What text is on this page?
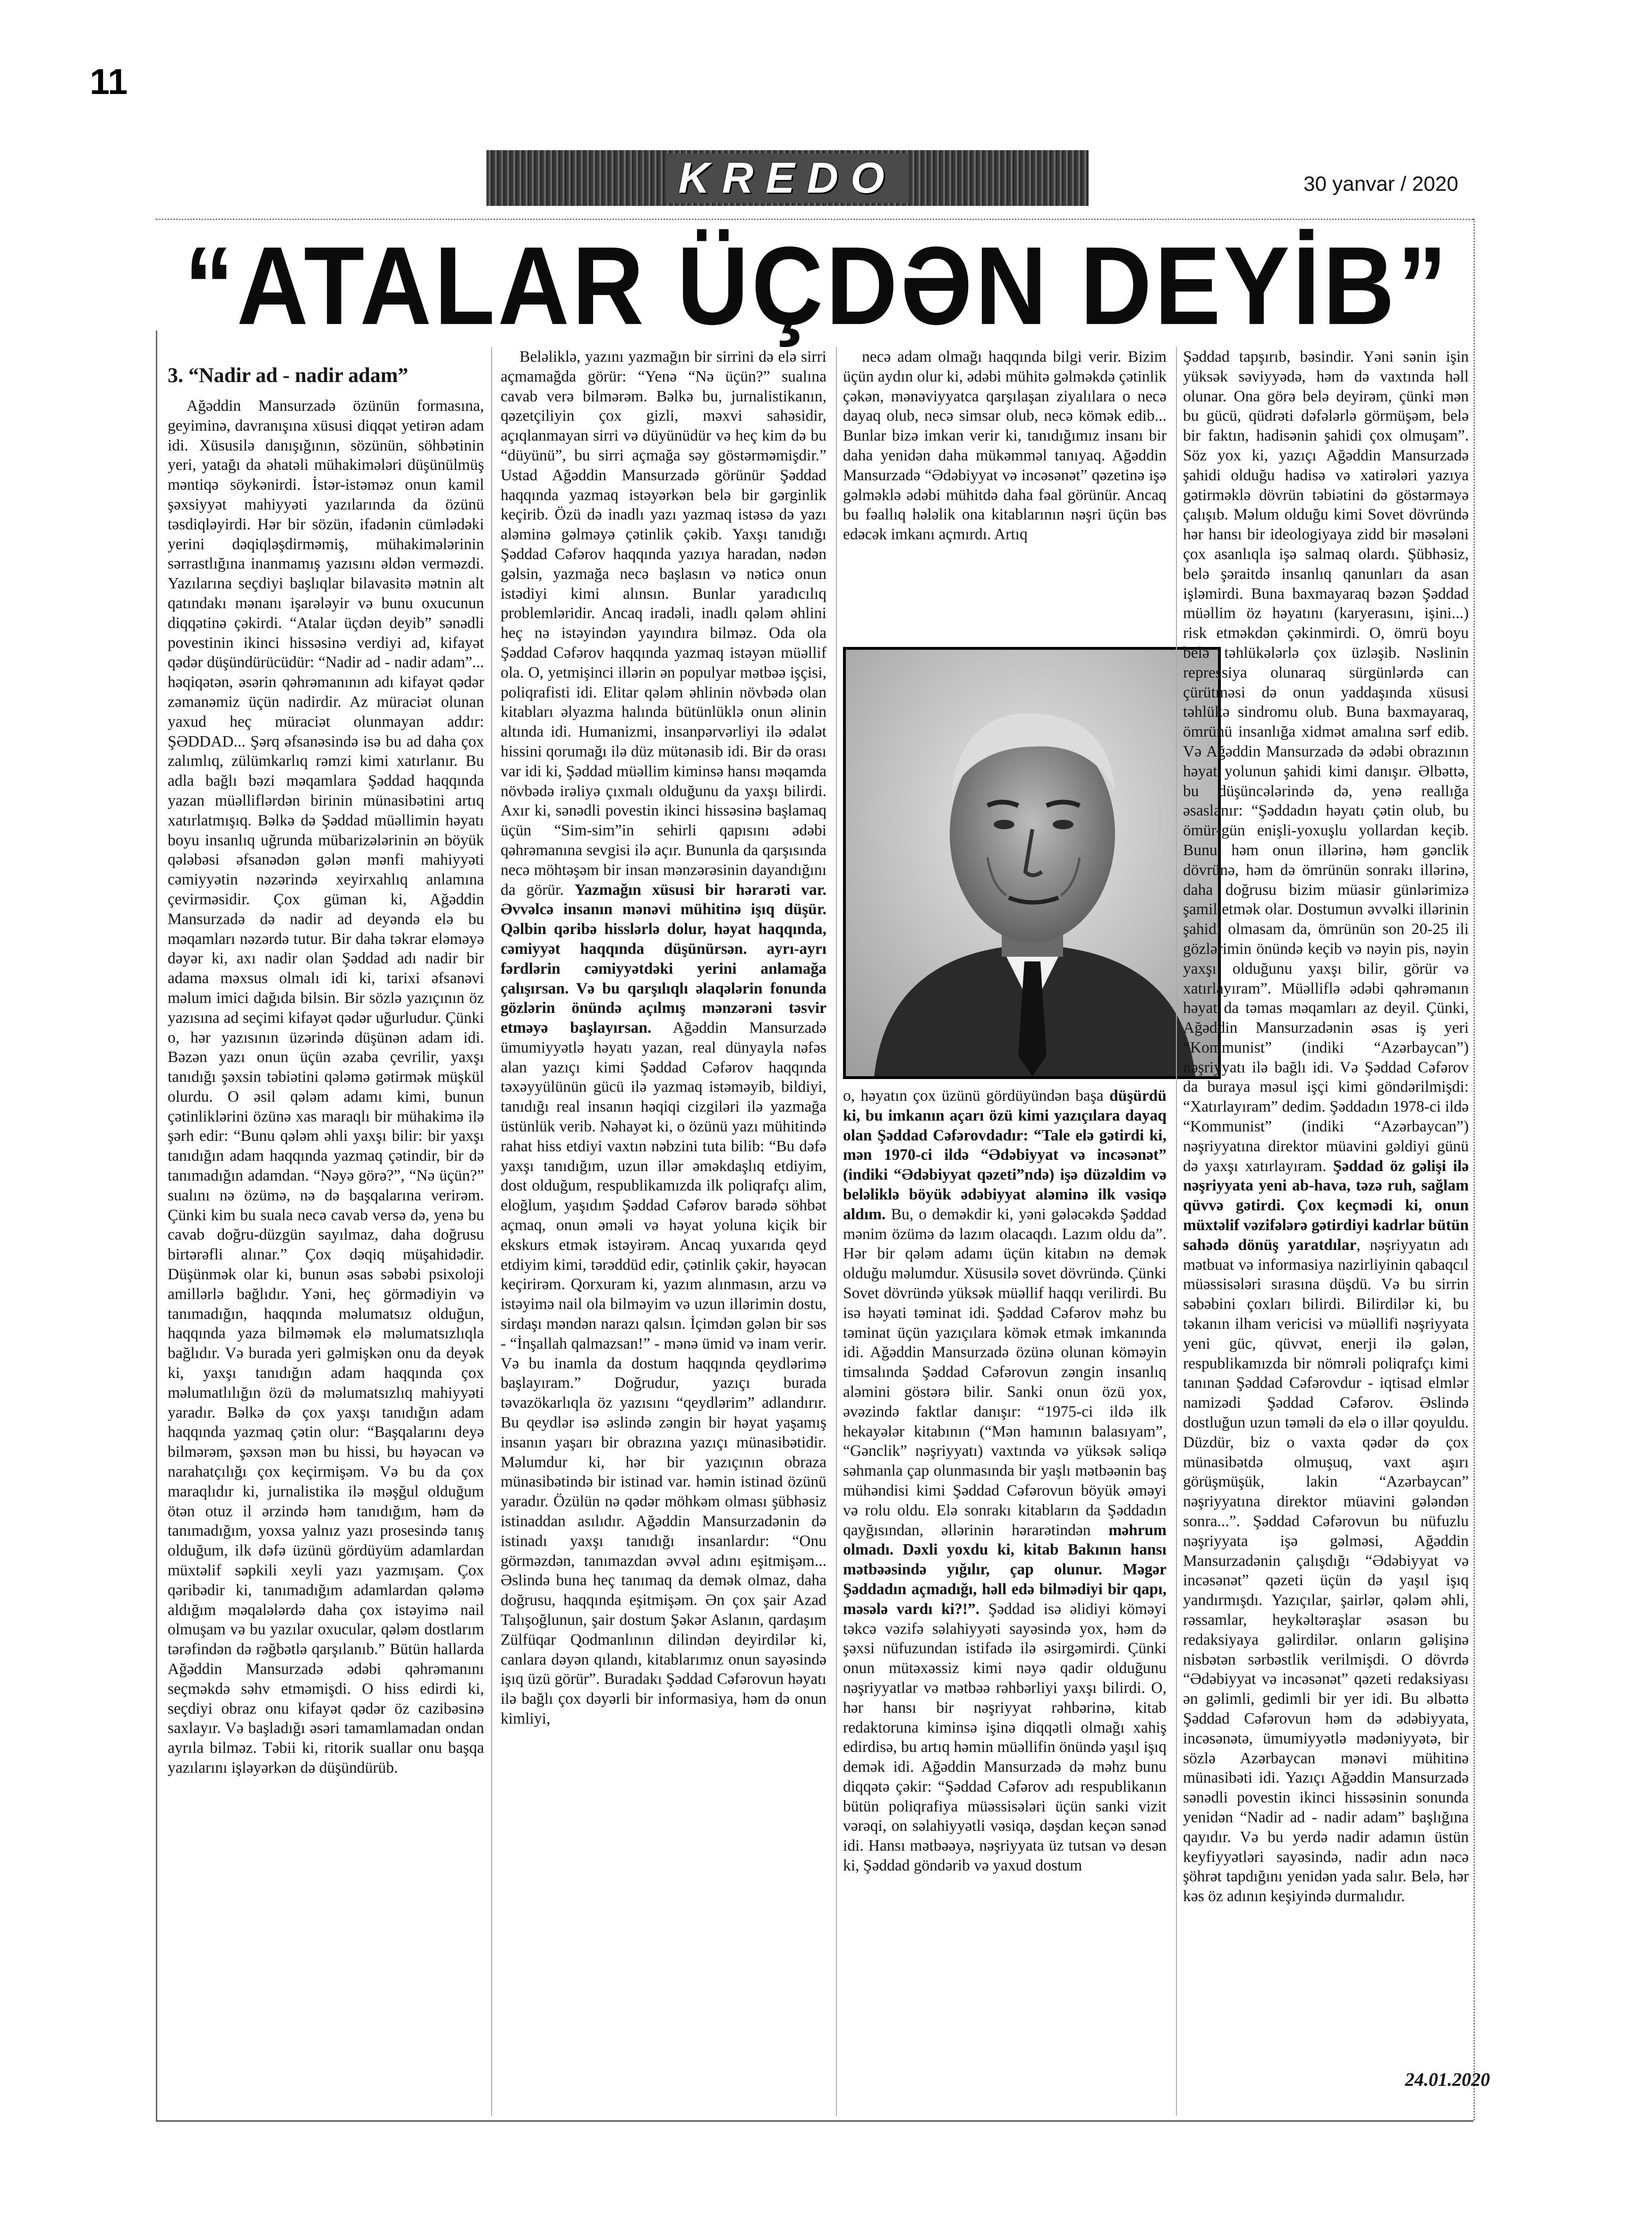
11
KREDO	30 yanvar / 2020
“ATALAR ÜÇDƏN DEYİB”
3. “Nadir ad - nadir adam”

Ağəddin Mansurzadə özünün formasına, geyiminə, davranışına xüsusi diqqət yetirən adam idi. Xüsusilə danışığının, sözünün, söhbətinin yeri, yatağı da əhatəli mühakimələri düşünülmüş məntiqə söykənirdi. İstər-istəməz onun kamil şəxsiyyət mahiyyəti yazılarında da özünü təsdiqləyirdi. Hər bir sözün, ifadənin cümlədəki yerini dəqiqləşdirməmiş, mühakimələrinin sərrastlığına inanmamış yazısını əldən verməzdi. Yazılarına seçdiyi başlıqlar bilavasitə mətnin alt qatındakı mənanı işarələyir və bunu oxucunun diqqətinə çəkirdi. “Atalar üçdən deyib” sənədli povestinin ikinci hissəsinə verdiyi ad, kifayət qədər düşündürücüdür: “Nadir ad - nadir adam”... həqiqətən, əsərin qəhrəmanının adı kifayət qədər zəmanəmiz üçün nadirdir. Az müraciət olunan yaxud heç müraciət olunmayan addır: ŞƏDDAD... Şərq əfsanəsində isə bu ad daha çox zalımlıq, zülümkarlıq rəmzi kimi xatırlanır. Bu adla bağlı bəzi məqamlara Şəddad haqqında yazan müəlliflərdən birinin münasibətini artıq xatırlatmışıq. Bəlkə də Şəddad müəllimin həyatı boyu insanlıq uğrunda mübarizələrinin ən böyük qələbəsi əfsanədən gələn mənfi mahiyyəti cəmiyyətin nəzərində xeyirxahlıq anlamına çevirməsidir. Çox güman ki, Ağəddin Mansurzadə də nadir ad deyəndə elə bu məqamları nəzərdə tutur. Bir daha təkrar eləməyə dəyər ki, axı nadir olan Şəddad adı nadir bir adama məxsus olmalı idi ki, tarixi əfsanəvi məlum imici dağıda bilsin. Bir sözlə yazıçının öz yazısına ad seçimi kifayət qədər uğurludur. Çünki o, hər yazısının üzərində düşünən adam idi. Bəzən yazı onun üçün əzaba çevrilir, yaxşı tanıdığı şəxsin təbiətini qələmə gətirmək müşkül olurdu. O əsil qələm adamı kimi, bunun çətinliklərini özünə xas maraqlı bir mühakimə ilə şərh edir: “Bunu qələm əhli yaxşı bilir: bir yaxşı tanıdığın adam haqqında yazmaq çətindir, bir də tanımadığın adamdan. “Nəyə görə?”, “Nə üçün?” sualını nə özümə, nə də başqalarına verirəm. Çünki kim bu suala necə cavab versə də, yenə bu cavab doğru-düzgün sayılmaz, daha doğrusu birtərəfli alınar.” Çox dəqiq müşahidədir. Düşünmək olar ki, bunun əsas səbəbi psixoloji amillərlə bağlıdır. Yəni, heç görmədiyin və tanımadığın, haqqında məlumatsız olduğun, haqqında yaza bilməmək elə məlumatsızlıqla bağlıdır. Və burada yeri gəlmişkən onu da deyək ki, yaxşı tanıdığın adam haqqında çox məlumatlılığın özü də məlumatsızlıq mahiyyəti yaradır. Bəlkə də çox yaxşı tanıdığın adam haqqında yazmaq çətin olur: “Başqalarını deyə bilmərəm, şəxsən mən bu hissi, bu həyəcan və narahatçılığı çox keçirmişəm. Və bu da çox maraqlıdır ki, jurnalistika ilə məşğul olduğum ötən otuz il ərzində həm tanıdığım, həm də tanımadığım, yoxsa yalnız yazı prosesində tanış olduğum, ilk dəfə üzünü gördüyüm adamlardan müxtəlif səpkili xeyli yazı yazmışam. Çox qəribədir ki, tanımadığım adamlardan qələmə aldığım məqalələrdə daha çox istəyimə nail olmuşam və bu yazılar oxucular, qələm dostlarım tərəfindən də rəğbətlə qarşılanıb.” Bütün hallarda Ağəddin Mansurzadə ədəbi qəhrəmanını seçməkdə səhv etməmişdi. O hiss edirdi ki, seçdiyi obraz onu kifayət qədər öz cazibəsinə saxlayır. Və başladığı əsəri tamamlamadan ondan ayrıla bilməz. Təbii ki, ritorik suallar onu başqa yazılarını işləyərkən də düşündürüb.

Beləliklə, yazını yazmağın bir sirrini də elə sirri açmamağda görür: “Yenə “Nə üçün?” sualına cavab verə bilmərəm. Bəlkə bu, jurnalistikanın, qəzetçiliyin çox gizli, məxvi sahəsidir, açıqlanmayan sirri və düyünüdür və heç kim də bu “düyünü”, bu sirri açmağa səy göstərməmişdir.” Ustad Ağəddin Mansurzadə görünür Şəddad haqqında yazmaq istəyərkən belə bir gərginlik keçirib. Özü də inadlı yazı yazmaq istəsə də yazı aləminə gəlməyə çətinlik çəkib. Yaxşı tanıdığı Şəddad Cəfərov haqqında yazıya haradan, nədən gəlsin, yazmağa necə başlasın və nəticə onun istədiyi kimi alınsın. Bunlar yaradıcılıq problemləridir. Ancaq iradəli, inadlı qələm əhlini heç nə istəyindən yayındıra bilməz. Oda ola Şəddad Cəfərov haqqında yazmaq istəyən müəllif ola. O, yetmişinci illərin ən populyar mətbəə işçisi, poliqrafisti idi. Elitar qələm əhlinin növbədə olan kitabları əlyazma halında bütünlüklə onun əlinin altında idi. Humanizmi, insanpərvərliyi ilə ədalət hissini qorumağı ilə düz mütənasib idi. Bir də orası var idi ki, Şəddad müəllim kiminsə hansı məqamda növbədə irəliyə çıxmalı olduğunu da yaxşı bilirdi. Axır ki, sənədli povestin ikinci hissəsinə başlamaq üçün “Sim-sim”in sehirli qapısını ədəbi qəhrəmanına sevgisi ilə açır. Bununla da qarşısında necə möhtəşəm bir insan mənzərəsinin dayandığını da görür. Yazmağın xüsusi bir hərarəti var. Əvvəlcə insanın mənəvi mühitinə işıq düşür. Qəlbin qəribə hisslərlə dolur, həyat haqqında, cəmiyyət haqqında düşünürsən. ayrı-ayrı fərdlərin cəmiyyətdəki yerini anlamağa çalışırsan. Və bu qarşılıqlı əlaqələrin fonunda gözlərin önündə açılmış mənzərəni təsvir etməyə başlayırsan. Ağəddin Mansurzadə ümumiyyətlə həyatı yazan, real dünyayla nəfəs alan yazıçı kimi Şəddad Cəfərov haqqında təxəyyülünün gücü ilə yazmaq istəməyib, bildiyi, tanıdığı real insanın həqiqi cizgiləri ilə yazmağa üstünlük verib. Nəhayət ki, o özünü yazı mühitində rahat hiss etdiyi vaxtın nəbzini tuta bilib: “Bu dəfə yaxşı tanıdığım, uzun illər əməkdaşlıq etdiyim, dost olduğum, respublikamızda ilk poliqrafçı alim, eloğlum, yaşıdım Şəddad Cəfərov barədə söhbət açmaq, onun əməli və həyat yoluna kiçik bir ekskurs etmək istəyirəm. Ancaq yuxarıda qeyd etdiyim kimi, tərəddüd edir, çətinlik çəkir, həyəcan keçirirəm. Qorxuram ki, yazım alınmasın, arzu və istəyimə nail ola bilməyim və uzun illərimin dostu, sirdaşı məndən narazı qalsın. İçimdən gələn bir səs - “İnşallah qalmazsan!” - mənə ümid və inam verir. Və bu inamla da dostum haqqında qeydlərimə başlayıram.” Doğrudur, yazıçı burada təvazökarlıqla öz yazısını “qeydlərim” adlandırır. Bu qeydlər isə əslində zəngin bir həyat yaşamış insanın yaşarı bir obrazına yazıçı münasibətidir. Məlumdur ki, hər bir yazıçının obraza münasibətində bir istinad var. həmin istinad özünü yaradır. Özülün nə qədər möhkəm olması şübhəsiz istinaddan asılıdır. Ağəddin Mansurzadənin də istinadı yaxşı tanıdığı insanlardır: “Onu görməzdən, tanımazdan əvvəl adını eşitmişəm... Əslində buna heç tanımaq da demək olmaz, daha doğrusu, haqqında eşitmişəm. Ən çox şair Azad Talışoğlunun, şair dostum Şəkər Aslanın, qardaşım Zülfüqar Qodmanlının dilindən deyirdilər ki, canlara dəyən qılandı, kitablarımız onun sayəsində işıq üzü görür”. Buradakı Şəddad Cəfərovun həyatı ilə bağlı çox dəyərli bir informasiya, həm də onun kimliyi,

necə adam olmağı haqqında bilgi verir. Bizim üçün aydın olur ki, ədəbi mühitə gəlməkdə çətinlik çəkən, mənəviyyatca qarşılaşan ziyalılara o necə dayaq olub, necə simsar olub, necə kömək edib... Bunlar bizə imkan verir ki, tanıdığımız insanı bir daha yenidən daha mükəmməl tanıyaq. Ağəddin Mansurzadə “Ədəbiyyat və incəsənət” qəzetinə işə gəlməklə ədəbi mühitdə daha fəal görünür. Ancaq bu fəallıq hələlik ona kitablarının nəşri üçün bəs edəcək imkanı açmırdı. Artıq

o, həyatın çox üzünü gördüyündən başa düşürdü ki, bu imkanın açarı özü kimi yazıçılara dayaq olan Şəddad Cəfərovdadır: “Tale elə gətirdi ki, mən 1970-ci ildə “Ədəbiyyat və incəsənət” (indiki “Ədəbiyyat qəzeti”ndə) işə düzəldim və beləliklə böyük ədəbiyyat aləminə ilk vəsiqə aldım. Bu, o deməkdir ki, yəni gələcəkdə Şəddad mənim özümə də lazım olacaqdı. Lazım oldu da”. Hər bir qələm adamı üçün kitabın nə demək olduğu məlumdur. Xüsusilə sovet dövründə. Çünki Sovet dövründə yüksək müəllif haqqı verilirdi. Bu isə həyati təminat idi. Şəddad Cəfərov məhz bu təminat üçün yazıçılara kömək etmək imkanında idi. Ağəddin Mansurzadə özünə olunan köməyin timsalında Şəddad Cəfərovun zəngin insanlıq aləmini göstərə bilir. Sanki onun özü yox, əvəzində faktlar danışır: “1975-ci ildə ilk hekayələr kitabının (“Mən hamının balasıyam”, “Gənclik” nəşriyyatı) vaxtında və yüksək səliqə səhmanla çap olunmasında bir yaşlı mətbəənin baş mühəndisi kimi Şəddad Cəfərovun böyük əməyi və rolu oldu. Elə sonrakı kitabların da Şəddadın qayğısından, əllərinin hərarətindən məhrum olmadı. Dəxli yoxdu ki, kitab Bakının hansı mətbəəsində yığılır, çap olunur. Məgər Şəddadın açmadığı, həll edə bilmədiyi bir qapı, məsələ vardı ki?!”. Şəddad isə əlidiyi köməyi təkcə vəzifə səlahiyyəti sayəsində yox, həm də şəxsi nüfuzundan istifadə ilə əsirgəmirdi. Çünki onun mütəxəssiz kimi nəyə qadir olduğunu nəşriyyatlar və mətbəə rəhbərliyi yaxşı bilirdi. O, hər hansı bir nəşriyyat rəhbərinə, kitab redaktoruna kiminsə işinə diqqətli olmağı xahiş edirdisə, bu artıq həmin müəllifin önündə yaşıl işıq demək idi. Ağəddin Mansurzadə də məhz bunu diqqətə çəkir: “Şəddad Cəfərov adı respublikanın bütün poliqrafiya müəssisələri üçün sanki vizit vərəqi, on səlahiyyətli vəsiqə, dəşdan keçən sənəd idi. Hansı mətbəəyə, nəşriyyata üz tutsan və desən ki, Şəddad göndərib və yaxud dostum

Şəddad tapşırıb, bəsindir. Yəni sənin işin yüksək səviyyədə, həm də vaxtında həll olunar. Ona görə belə deyirəm, çünki mən bu gücü, qüdrəti dəfələrlə görmüşəm, belə bir faktın, hadisənin şahidi çox olmuşam”. Söz yox ki, yazıçı Ağəddin Mansurzadə şahidi olduğu hadisə və xatirələri yazıya gətirməklə dövrün təbiətini də göstərməyə çalışıb. Məlum olduğu kimi Sovet dövründə hər hansı bir ideologiyaya zidd bir məsələni çox asanlıqla işə salmaq olardı. Şübhəsiz, belə şəraitdə insanlıq qanunları da asan işləmirdi. Buna baxmayaraq bəzən Şəddad müəllim öz həyatını (karyerasını, işini...) risk etməkdən çəkinmirdi. O, ömrü boyu belə təhlükələrlə çox üzləşib. Nəslinin repressiya olunaraq sürgünlərdə can çürütməsi də onun yaddaşında xüsusi təhlükə sindromu olub. Buna baxmayaraq, ömrünü insanlığa xidmət amalına sərf edib. Və Ağəddin Mansurzadə də ədəbi obrazının həyat yolunun şahidi kimi danışır. Əlbəttə, bu düşüncələrində də, yenə reallığa əsaslanır: “Şəddadın həyatı çətin olub, bu ömür-gün enişli-yoxuşlu yollardan keçib. Bunu həm onun illərinə, həm gənclik dövrünə, həm də ömrünün sonrakı illərinə, daha doğrusu bizim müasir günlərimizə şamil etmək olar. Dostumun əvvəlki illərinin şahidi olmasam da, ömrünün son 20-25 ili gözlərimin önündə keçib və nəyin pis, nəyin yaxşı olduğunu yaxşı bilir, görür və xatırlayıram”. Müəlliflə ədəbi qəhrəmanın həyat da təmas məqamları az deyil. Çünki, Ağəddin Mansurzadənin əsas iş yeri “Kommunist” (indiki “Azərbaycan”) nəşriyyatı ilə bağlı idi. Və Şəddad Cəfərov da buraya məsul işçi kimi göndərilmişdi: “Xatırlayıram” dedim. Şəddadın 1978-ci ildə “Kommunist” (indiki “Azərbaycan”) nəşriyyatına direktor müavini gəldiyi günü də yaxşı xatırlayıram. Şəddad öz gəlişi ilə nəşriyyata yeni ab-hava, təzə ruh, sağlam qüvvə gətirdi. Çox keçmədi ki, onun müxtəlif vəzifələrə gətirdiyi kadrlar bütün sahədə dönüş yaratdılar, nəşriyyatın adı mətbuat və informasiya nazirliyinin qabaqcıl müəssisələri sırasına düşdü. Və bu sirrin səbəbini çoxları bilirdi. Bilirdilər ki, bu təkanın ilham vericisi və müəllifi nəşriyyata yeni güc, qüvvət, enerji ilə gələn, respublikamızda bir nömrəli poliqrafçı kimi tanınan Şəddad Cəfərovdur - iqtisad elmlər namizədi Şəddad Cəfərov. Əslində dostluğun uzun təməli də elə o illər qoyuldu. Düzdür, biz o vaxta qədər də çox münasibətdə olmuşuq, vaxt aşırı görüşmüşük, lakin “Azərbaycan” nəşriyyatına direktor müavini gələndən sonra...”. Şəddad Cəfərovun bu nüfuzlu nəşriyyata işə gəlməsi, Ağəddin Mansurzadənin çalışdığı “Ədəbiyyat və incəsənət” qəzeti üçün də yaşıl işıq yandırmışdı. Yazıçılar, şairlər, qələm əhli, rəssamlar, heykəltəraşlar əsasən bu redaksiyaya gəlirdilər. onların gəlişinə nisbətən sərbəstlik verilmişdi. O dövrdə “Ədəbiyyat və incəsənət” qəzeti redaksiyası ən gəlimli, gedimli bir yer idi. Bu əlbəttə Şəddad Cəfərovun həm də ədəbiyyata, incəsənətə, ümumiyyətlə mədəniyyətə, bir sözlə Azərbaycan mənəvi mühitinə münasibəti idi. Yazıçı Ağəddin Mansurzadə sənədli povestin ikinci hissəsinin sonunda yenidən “Nadir ad - nadir adam” başlığına qayıdır. Və bu yerdə nadir adamın üstün keyfiyyətləri sayəsində, nadir adın nəcə şöhrət tapdığını yenidən yada salır. Belə, hər kəs öz adının keşiyində durmalıdır.

24.01.2020
